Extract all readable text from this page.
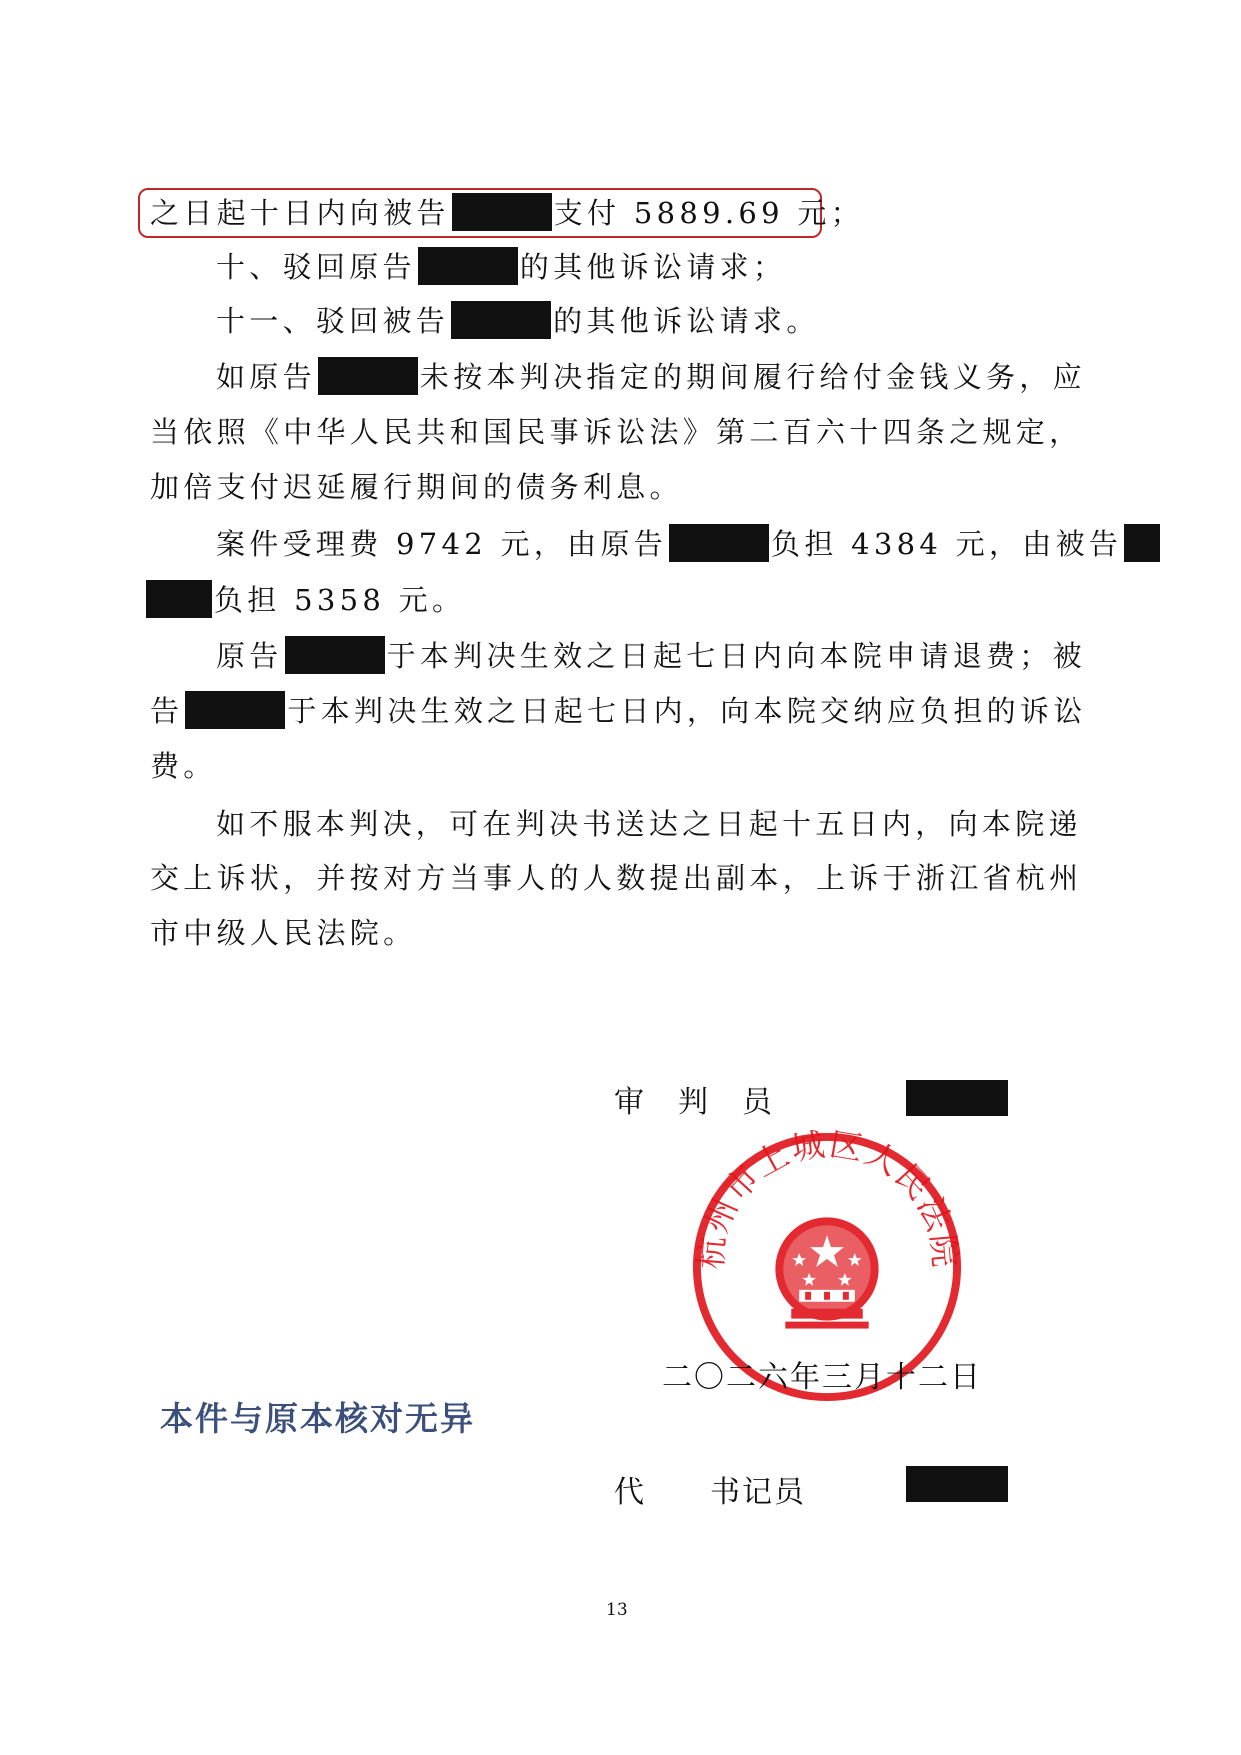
之日起十日内向被告	支付 5889.69 元；
十、驳回原告	的其他诉讼请求；
十一、驳回被告	的其他诉讼请求。
如原告	未按本判决指定的期间履行给付金钱义务，应
当依照《中华人民共和国民事诉讼法》第二百六十四条之规定，
加倍支付迟延履行期间的债务利息。
案件受理费 9742 元，由原告	负担 4384 元，由被告
负担 5358 元。
原告	于本判决生效之日起七日内向本院申请退费；被
告	于本判决生效之日起七日内，向本院交纳应负担的诉讼
费。
如不服本判决，可在判决书送达之日起十五日内，向本院递
交上诉状，并按对方当事人的人数提出副本，上诉于浙江省杭州
市中级人民法院。
审　判　员
杭州市上城区人民法院
二〇二六年三月十二日
本件与原本核对无异
代　　书记员
13
